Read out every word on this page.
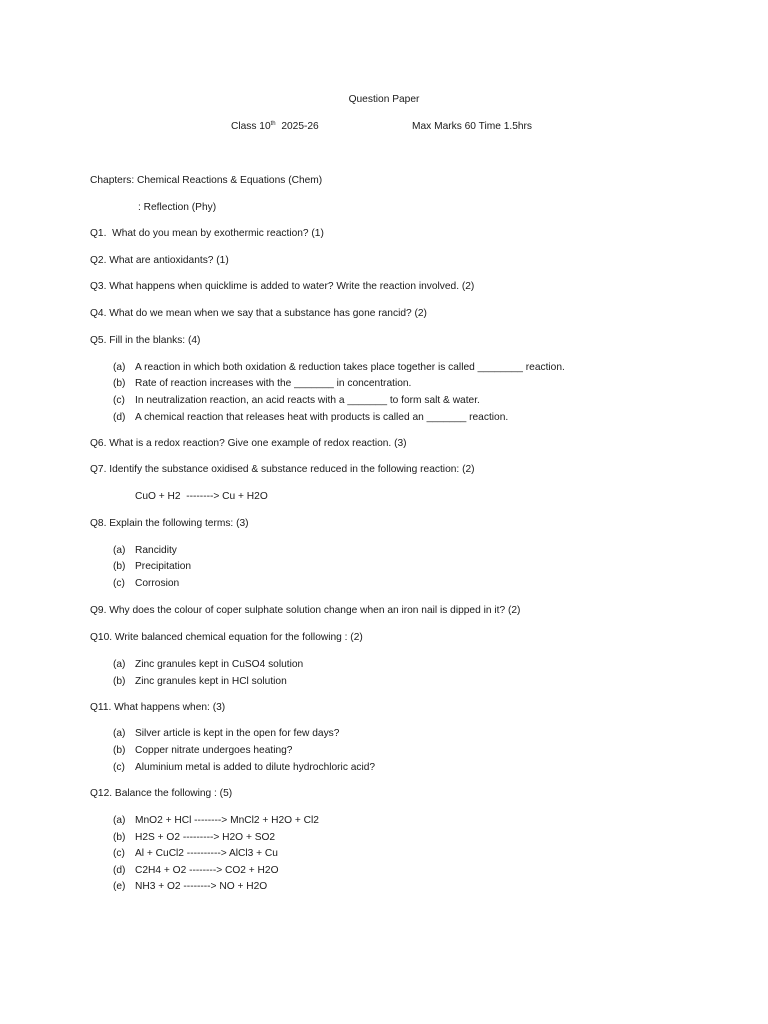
Question Paper
Class 10th 2025-26	Max Marks 60 Time 1.5hrs
Chapters: Chemical Reactions & Equations (Chem)
: Reflection (Phy)
Q1.  What do you mean by exothermic reaction? (1)
Q2. What are antioxidants? (1)
Q3. What happens when quicklime is added to water? Write the reaction involved. (2)
Q4. What do we mean when we say that a substance has gone rancid? (2)
Q5. Fill in the blanks: (4)
(a) A reaction in which both oxidation & reduction takes place together is called ________ reaction.
(b) Rate of reaction increases with the _______ in concentration.
(c) In neutralization reaction, an acid reacts with a _______ to form salt & water.
(d) A chemical reaction that releases heat with products is called an _______ reaction.
Q6. What is a redox reaction? Give one example of redox reaction. (3)
Q7. Identify the substance oxidised & substance reduced in the following reaction: (2)
CuO + H2  --------> Cu + H2O
Q8. Explain the following terms: (3)
(a) Rancidity
(b) Precipitation
(c) Corrosion
Q9. Why does the colour of coper sulphate solution change when an iron nail is dipped in it? (2)
Q10. Write balanced chemical equation for the following : (2)
(a) Zinc granules kept in CuSO4 solution
(b) Zinc granules kept in HCl solution
Q11. What happens when: (3)
(a) Silver article is kept in the open for few days?
(b) Copper nitrate undergoes heating?
(c) Aluminium metal is added to dilute hydrochloric acid?
Q12. Balance the following : (5)
(a) MnO2 + HCl --------> MnCl2 + H2O + Cl2
(b) H2S + O2 ---------> H2O + SO2
(c) Al + CuCl2 ----------> AlCl3 + Cu
(d) C2H4 + O2 --------> CO2 + H2O
(e) NH3 + O2 --------> NO + H2O
